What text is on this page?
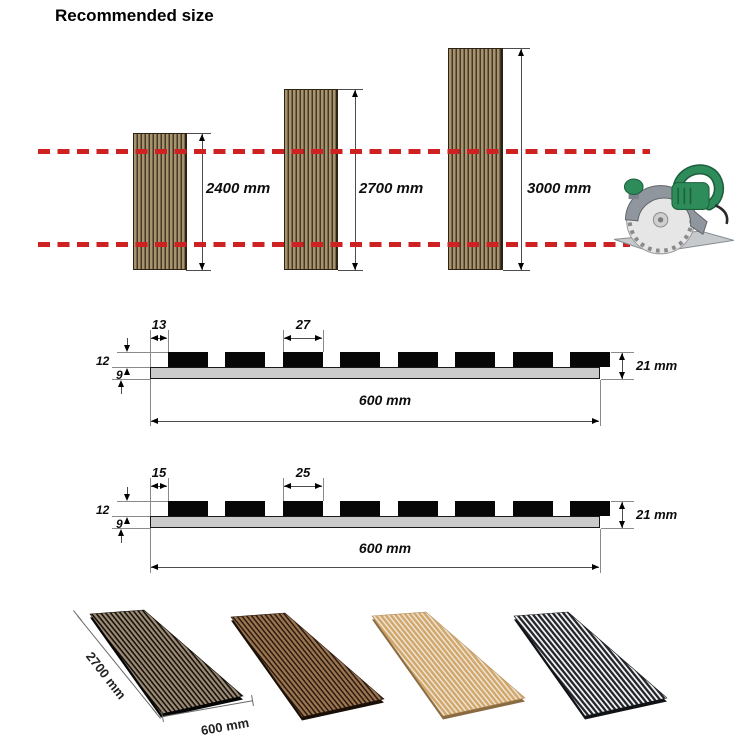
Recommended size
2400 mm	2700 mm	3000 mm
13	27
12
9
21 mm
600 mm
15	25
12
9
21 mm
600 mm
2700 mm
600 mm
